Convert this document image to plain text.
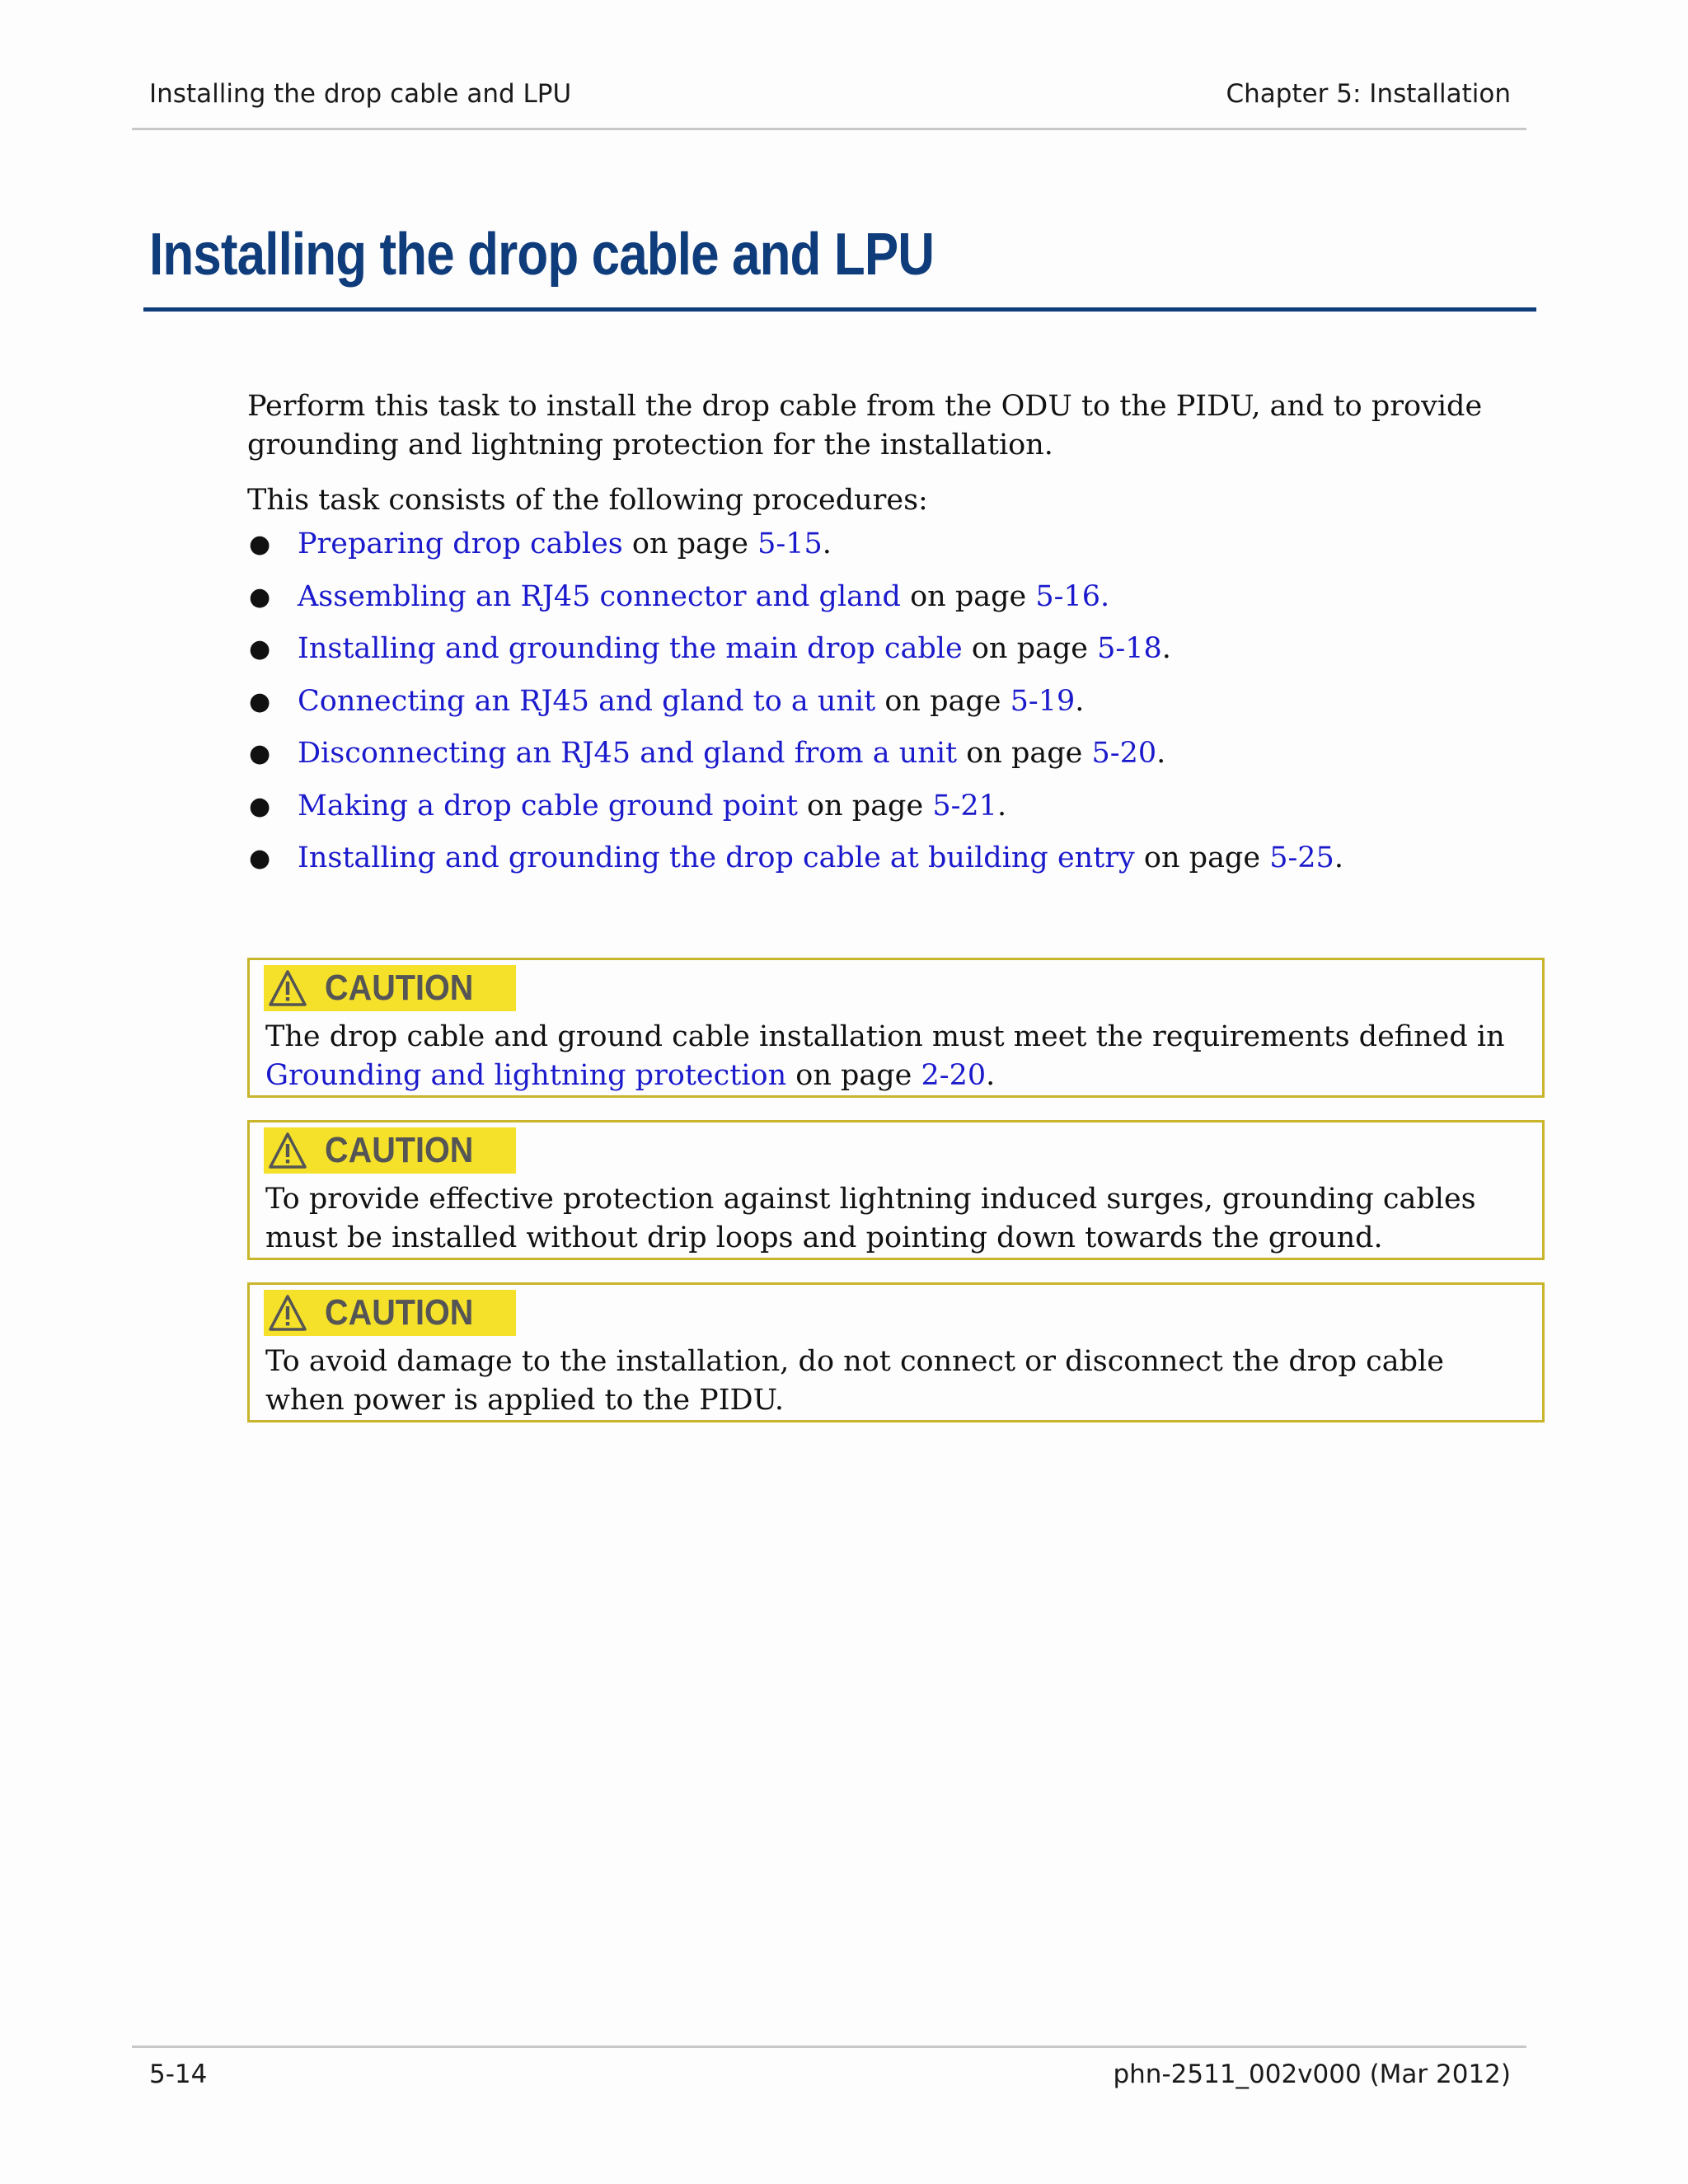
Installing the drop cable and LPU	Chapter 5: Installation
Installing the drop cable and LPU

Perform this task to install the drop cable from the ODU to the PIDU, and to provide grounding and lightning protection for the installation.

This task consists of the following procedures:

● Preparing drop cables on page 5-15.
● Assembling an RJ45 connector and gland on page 5-16.
● Installing and grounding the main drop cable on page 5-18.
● Connecting an RJ45 and gland to a unit on page 5-19.
● Disconnecting an RJ45 and gland from a unit on page 5-20.
● Making a drop cable ground point on page 5-21.
● Installing and grounding the drop cable at building entry on page 5-25.
CAUTION
The drop cable and ground cable installation must meet the requirements defined in Grounding and lightning protection on page 2-20.
CAUTION
To provide effective protection against lightning induced surges, grounding cables must be installed without drip loops and pointing down towards the ground.
CAUTION
To avoid damage to the installation, do not connect or disconnect the drop cable when power is applied to the PIDU.
5-14	phn-2511_002v000 (Mar 2012)
